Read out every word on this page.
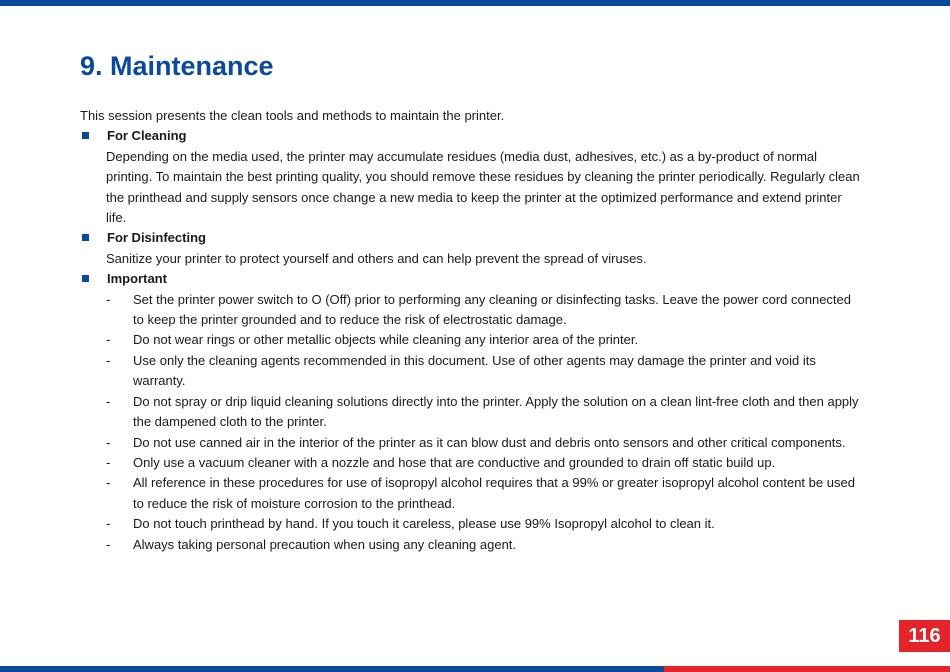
9. Maintenance

This session presents the clean tools and methods to maintain the printer.

For Cleaning

Depending on the media used, the printer may accumulate residues (media dust, adhesives, etc.) as a by-product of normal printing. To maintain the best printing quality, you should remove these residues by cleaning the printer periodically. Regularly clean the printhead and supply sensors once change a new media to keep the printer at the optimized performance and extend printer life.

For Disinfecting

Sanitize your printer to protect yourself and others and can help prevent the spread of viruses.

Important

- Set the printer power switch to O (Off) prior to performing any cleaning or disinfecting tasks. Leave the power cord connected to keep the printer grounded and to reduce the risk of electrostatic damage.
- Do not wear rings or other metallic objects while cleaning any interior area of the printer.
- Use only the cleaning agents recommended in this document. Use of other agents may damage the printer and void its warranty.
- Do not spray or drip liquid cleaning solutions directly into the printer. Apply the solution on a clean lint-free cloth and then apply the dampened cloth to the printer.
- Do not use canned air in the interior of the printer as it can blow dust and debris onto sensors and other critical components.
- Only use a vacuum cleaner with a nozzle and hose that are conductive and grounded to drain off static build up.
- All reference in these procedures for use of isopropyl alcohol requires that a 99% or greater isopropyl alcohol content be used to reduce the risk of moisture corrosion to the printhead.
- Do not touch printhead by hand. If you touch it careless, please use 99% Isopropyl alcohol to clean it.
- Always taking personal precaution when using any cleaning agent.
116
